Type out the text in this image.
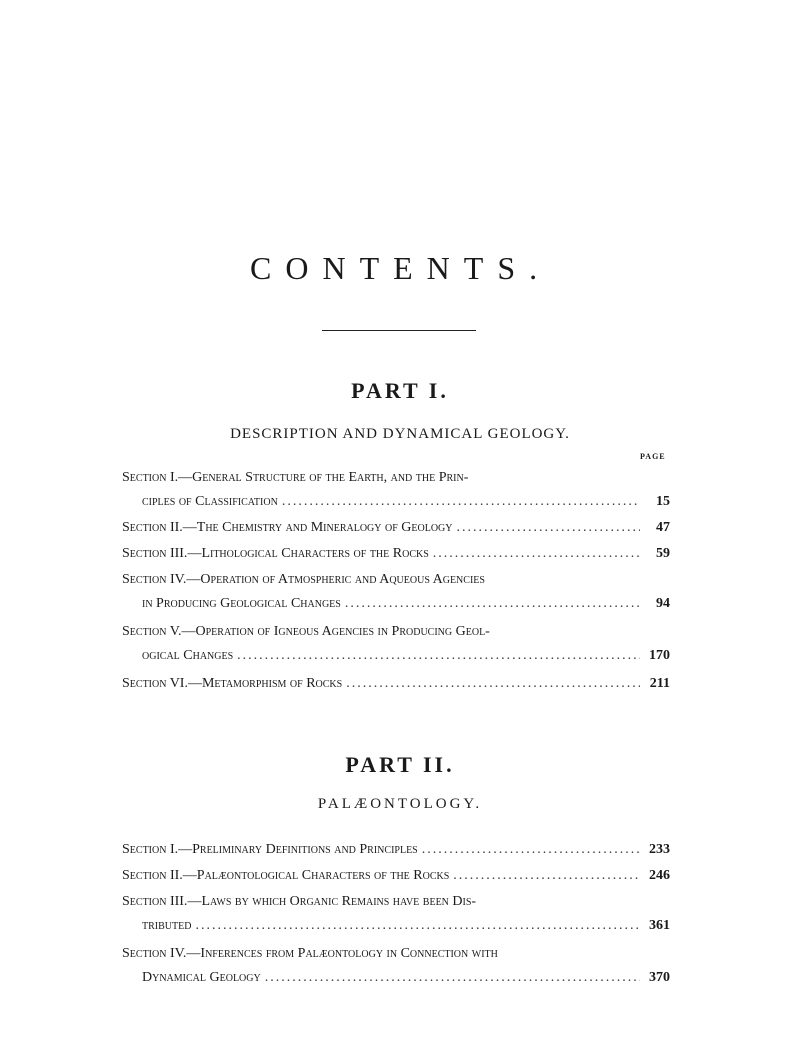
CONTENTS.
PART I.
DESCRIPTION AND DYNAMICAL GEOLOGY.
PAGE
Section I. —General Structure of the Earth, and the Prin-
ciples of Classification .....	15
Section II. —The Chemistry and Mineralogy of Geology .....	47
Section III. —Lithological Characters of the Rocks .....	59
Section IV. —Operation of Atmospheric and Aqueous Agencies
in Producing Geological Changes .....	94
Section V. —Operation of Igneous Agencies in Producing Geol-
ogical Changes .....	170
Section VI. —Metamorphism of Rocks .....	211
PART II.
PALÆONTOLOGY.
Section I. —Preliminary Definitions and Principles .....	233
Section II. —Palæontological Characters of the Rocks .....	246
Section III. —Laws by which Organic Remains have been Dis-
tributed .....	361
Section IV. —Inferences from Palæontology in Connection with
Dynamical Geology .....	370
